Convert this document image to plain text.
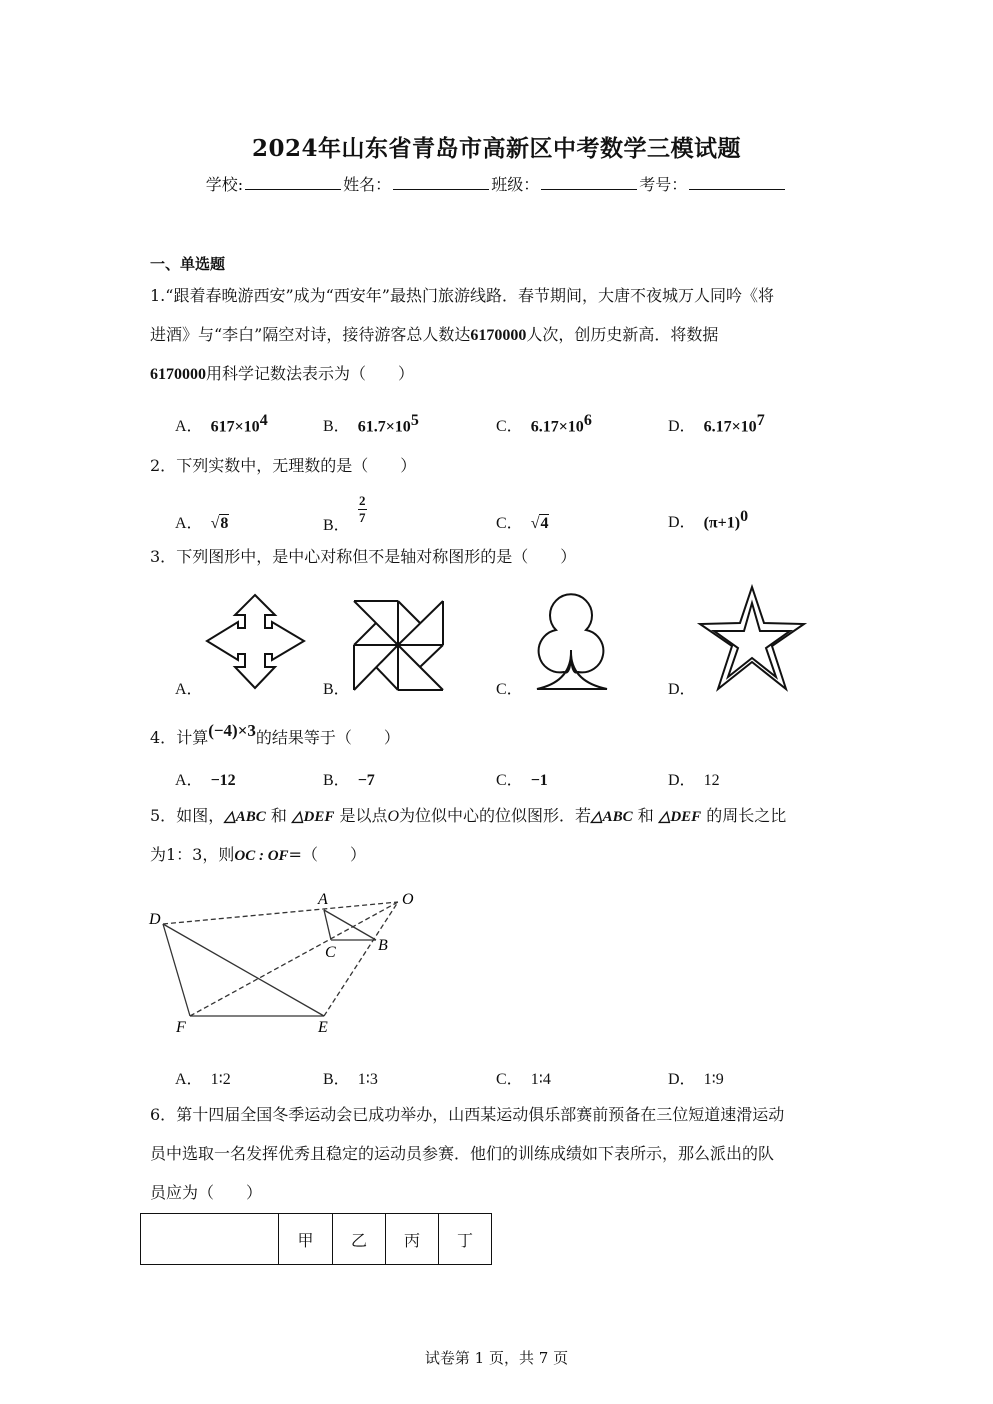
2024年山东省青岛市高新区中考数学三模试题
学校:	姓名：	班级：	考号：
一、单选题
1.“跟着春晚游西安”成为“西安年”最热门旅游线路．春节期间，大唐不夜城万人同吟《将
进酒》与“李白”隔空对诗，接待游客总人数达6170000人次，创历史新高．将数据
6170000用科学记数法表示为（　　）
A． $617\times 10^4$	B． $61.7\times 10^5$	C． $6.17\times 10^6$	D． $6.17\times 10^7$
2．下列实数中，无理数的是（　　）
A． √8	B．
$\frac{2}{7}$	C． √4	D． $(\pi+1)^0$
3．下列图形中，是中心对称但不是轴对称图形的是（　　）
A．	B．	C．	D．
4．计算(−4)×3的结果等于（　　）
A． −12	B． −7	C． −1	D． 12
5．如图，△ABC 和 △DEF 是以点O为位似中心的位似图形．若△ABC 和 △DEF 的周长之比
为1：3，则OC : OF=（　　）
A	O
D
C	B
F	E
A． 1∶2	B． 1∶3	C． 1∶4	D． 1∶9
6．第十四届全国冬季运动会已成功举办，山西某运动俱乐部赛前预备在三位短道速滑运动
员中选取一名发挥优秀且稳定的运动员参赛．他们的训练成绩如下表所示，那么派出的队
员应为（　　）
	甲	乙	丙	丁
试卷第 1 页，共 7 页
